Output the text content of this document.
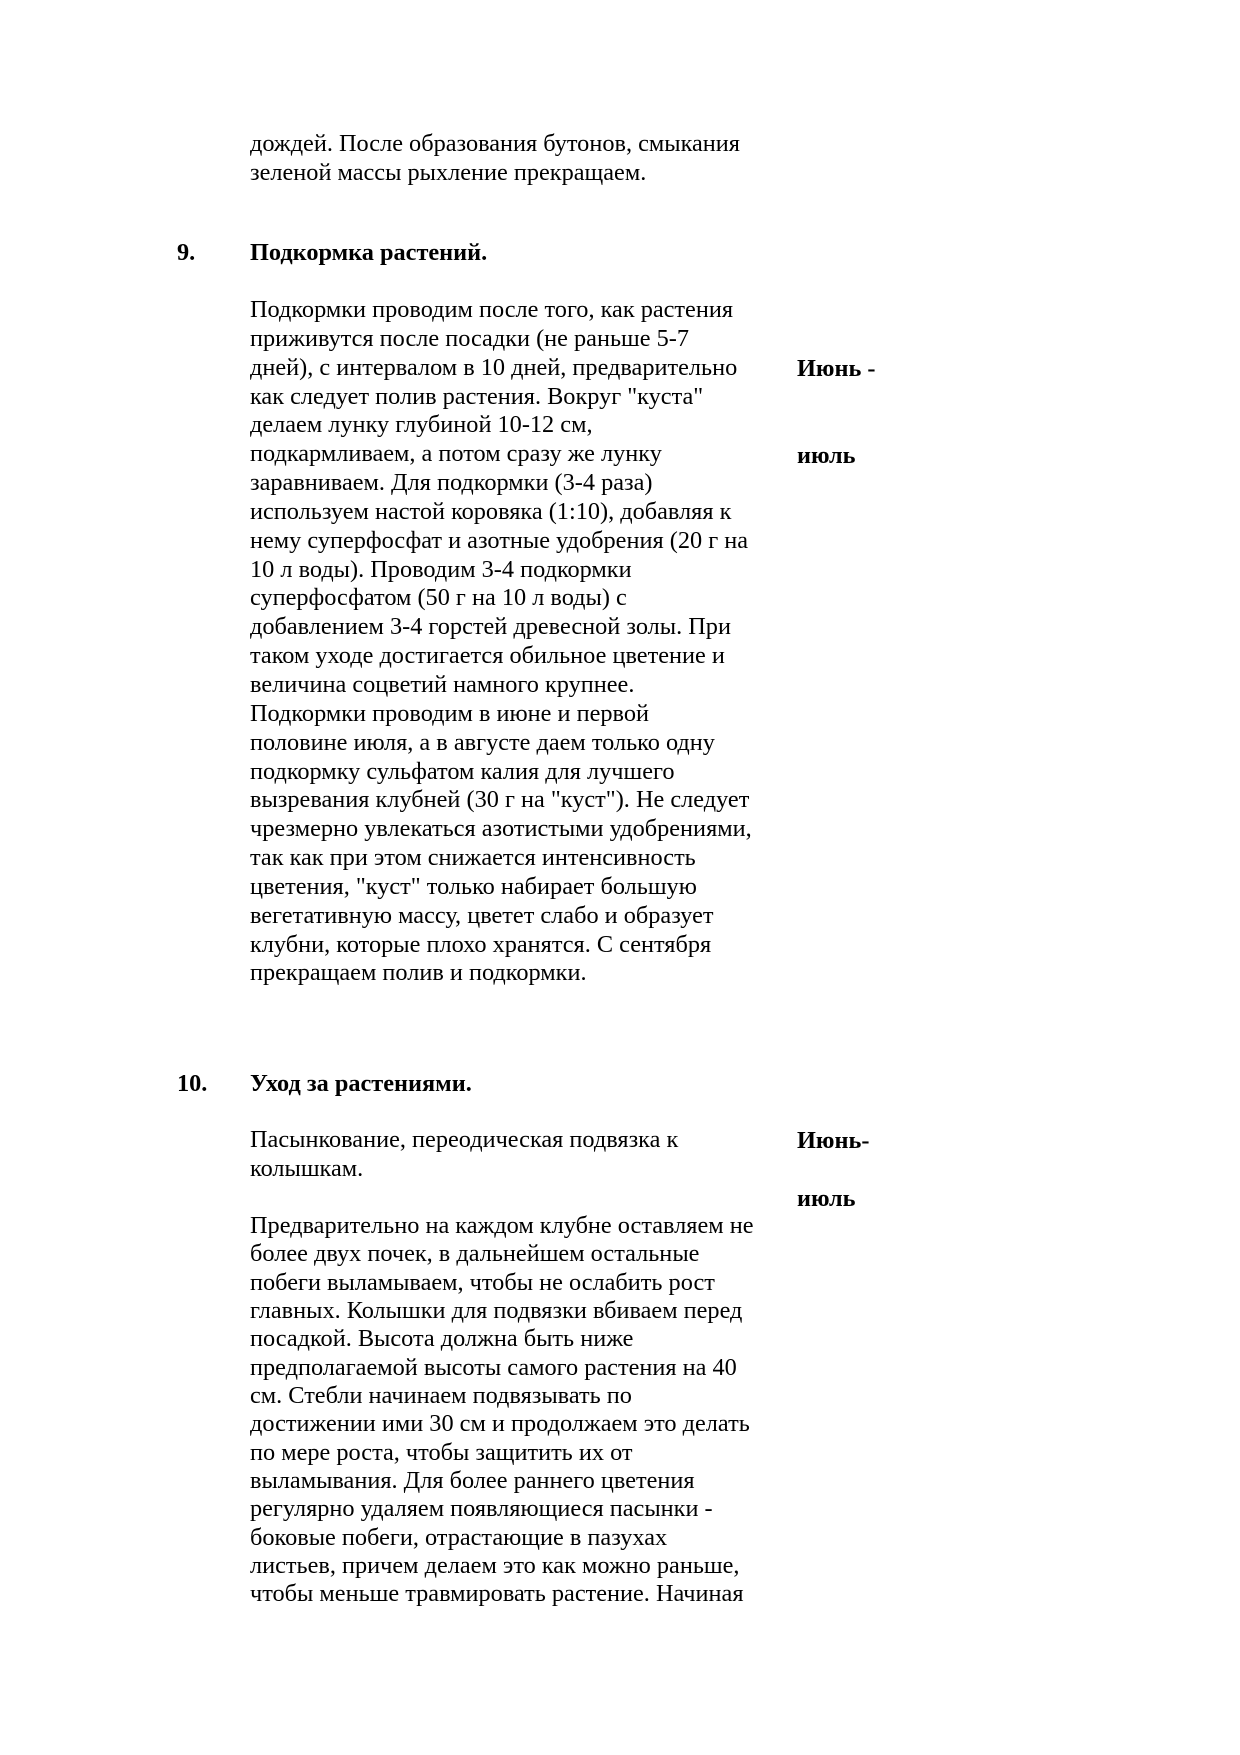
дождей. После образования бутонов, смыкания
зеленой массы рыхление прекращаем.
9. Подкормка растений.

Июнь -

июль

Подкормки проводим после того, как растения
приживутся после посадки (не раньше 5-7
дней), с интервалом в 10 дней, предварительно
как следует полив растения. Вокруг "куста"
делаем лунку глубиной 10-12 см,
подкармливаем, а потом сразу же лунку
заравниваем. Для подкормки (3-4 раза)
используем настой коровяка (1:10), добавляя к
нему суперфосфат и азотные удобрения (20 г на
10 л воды). Проводим 3-4 подкормки
суперфосфатом (50 г на 10 л воды) с
добавлением 3-4 горстей древесной золы. При
таком уходе достигается обильное цветение и
величина соцветий намного крупнее.
Подкормки проводим в июне и первой
половине июля, а в августе даем только одну
подкормку сульфатом калия для лучшего
вызревания клубней (30 г на "куст"). Не следует
чрезмерно увлекаться азотистыми удобрениями,
так как при этом снижается интенсивность
цветения, "куст" только набирает большую
вегетативную массу, цветет слабо и образует
клубни, которые плохо хранятся. С сентября
прекращаем полив и подкормки.
10. Уход за растениями.
Июнь-
июль
Пасынкование, переодическая подвязка к
колышкам.
Предварительно на каждом клубне оставляем не
более двух почек, в дальнейшем остальные
побеги выламываем, чтобы не ослабить рост
главных. Колышки для подвязки вбиваем перед
посадкой. Высота должна быть ниже
предполагаемой высоты самого растения на 40
см. Стебли начинаем подвязывать по
достижении ими 30 см и продолжаем это делать
по мере роста, чтобы защитить их от
выламывания. Для более раннего цветения
регулярно удаляем появляющиеся пасынки -
боковые побеги, отрастающие в пазухах
листьев, причем делаем это как можно раньше,
чтобы меньше травмировать растение. Начиная
